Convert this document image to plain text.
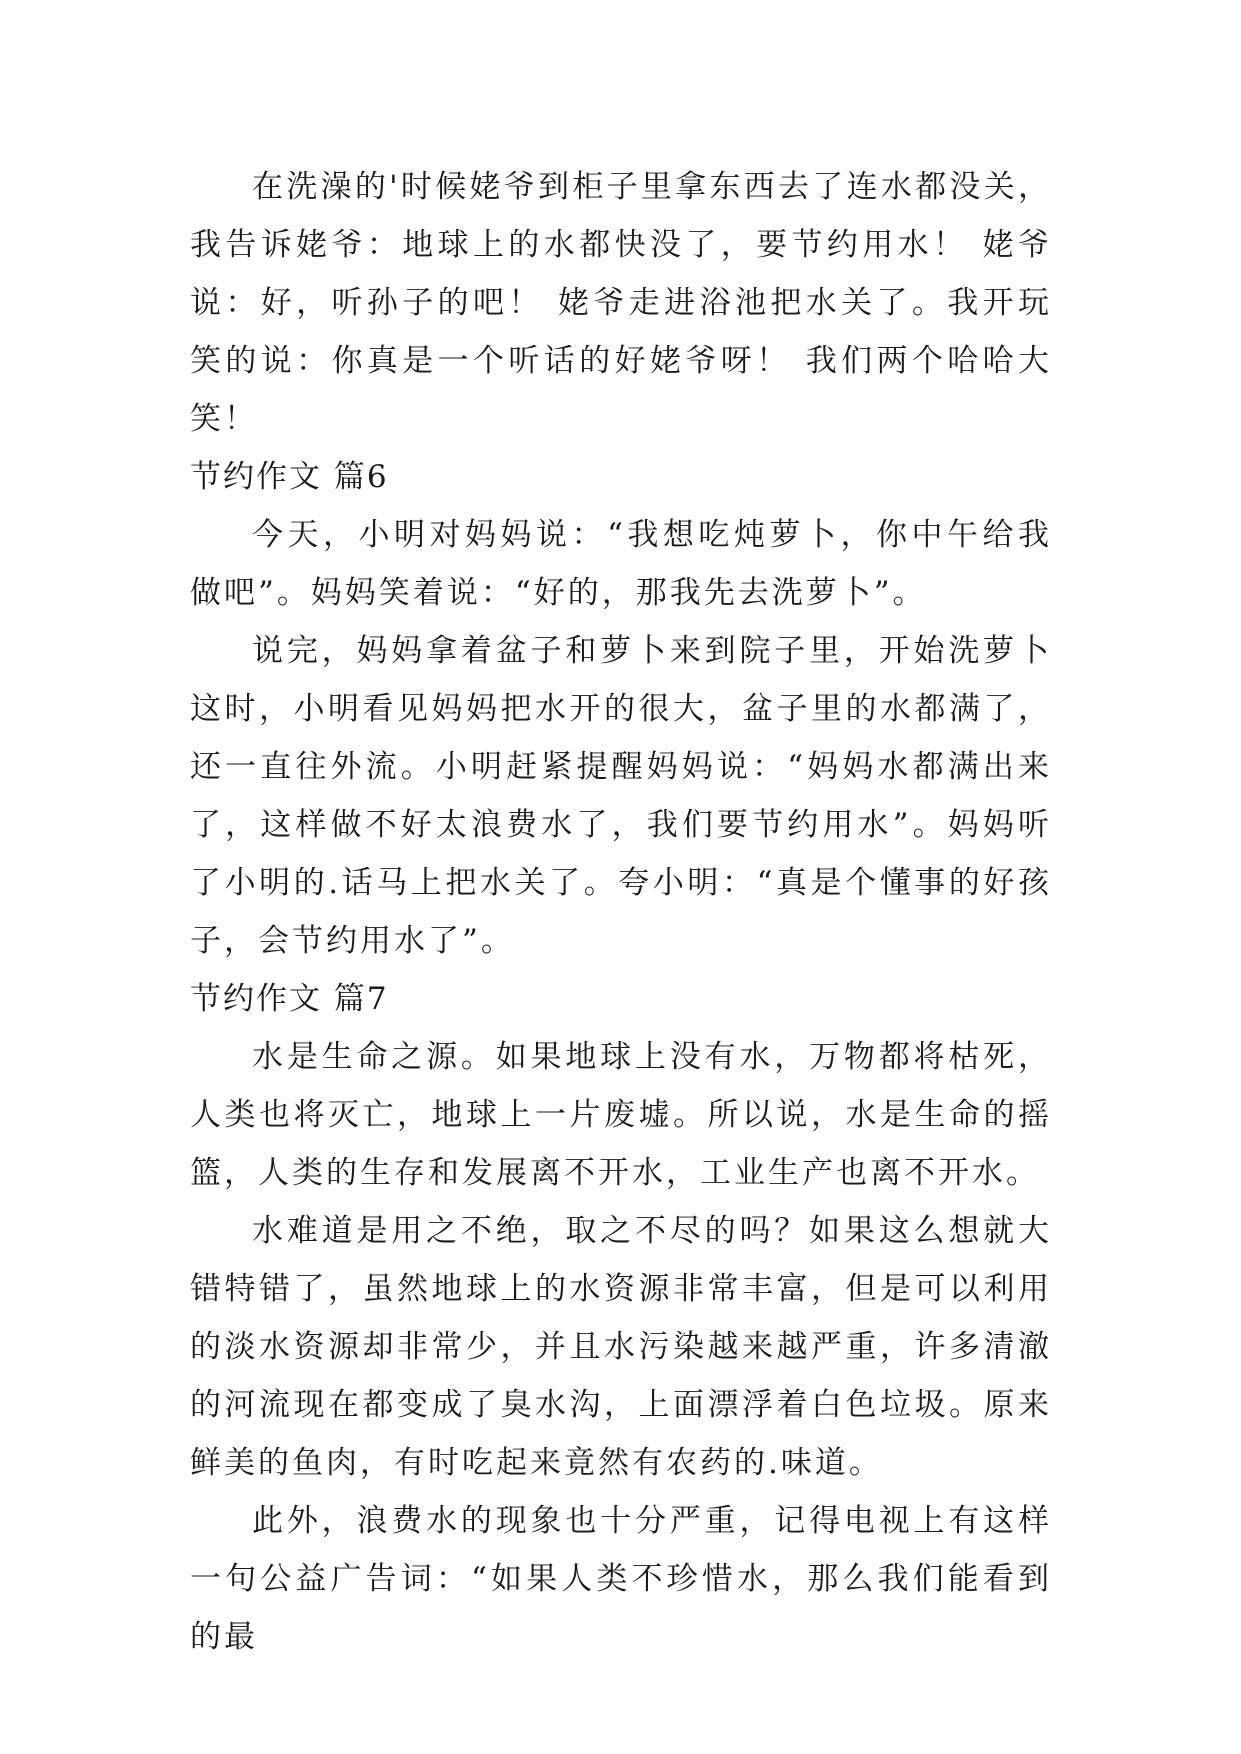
在洗澡的'时候姥爷到柜子里拿东西去了连水都没关，我告诉姥爷：地球上的水都快没了，要节约用水！ 姥爷说：好，听孙子的吧！ 姥爷走进浴池把水关了。我开玩笑的说：你真是一个听话的好姥爷呀！ 我们两个哈哈大笑！

节约作文 篇6

今天，小明对妈妈说：“我想吃炖萝卜，你中午给我做吧”。妈妈笑着说：“好的，那我先去洗萝卜”。

说完，妈妈拿着盆子和萝卜来到院子里，开始洗萝卜这时，小明看见妈妈把水开的很大，盆子里的水都满了，还一直往外流。小明赶紧提醒妈妈说：“妈妈水都满出来了，这样做不好太浪费水了，我们要节约用水”。妈妈听了小明的.话马上把水关了。夸小明：“真是个懂事的好孩子，会节约用水了”。

节约作文 篇7

水是生命之源。如果地球上没有水，万物都将枯死，人类也将灭亡，地球上一片废墟。所以说，水是生命的摇篮，人类的生存和发展离不开水，工业生产也离不开水。

水难道是用之不绝，取之不尽的吗？如果这么想就大错特错了，虽然地球上的水资源非常丰富，但是可以利用的淡水资源却非常少，并且水污染越来越严重，许多清澈的河流现在都变成了臭水沟，上面漂浮着白色垃圾。原来鲜美的鱼肉，有时吃起来竟然有农药的.味道。

此外，浪费水的现象也十分严重，记得电视上有这样一句公益广告词：“如果人类不珍惜水，那么我们能看到的最
